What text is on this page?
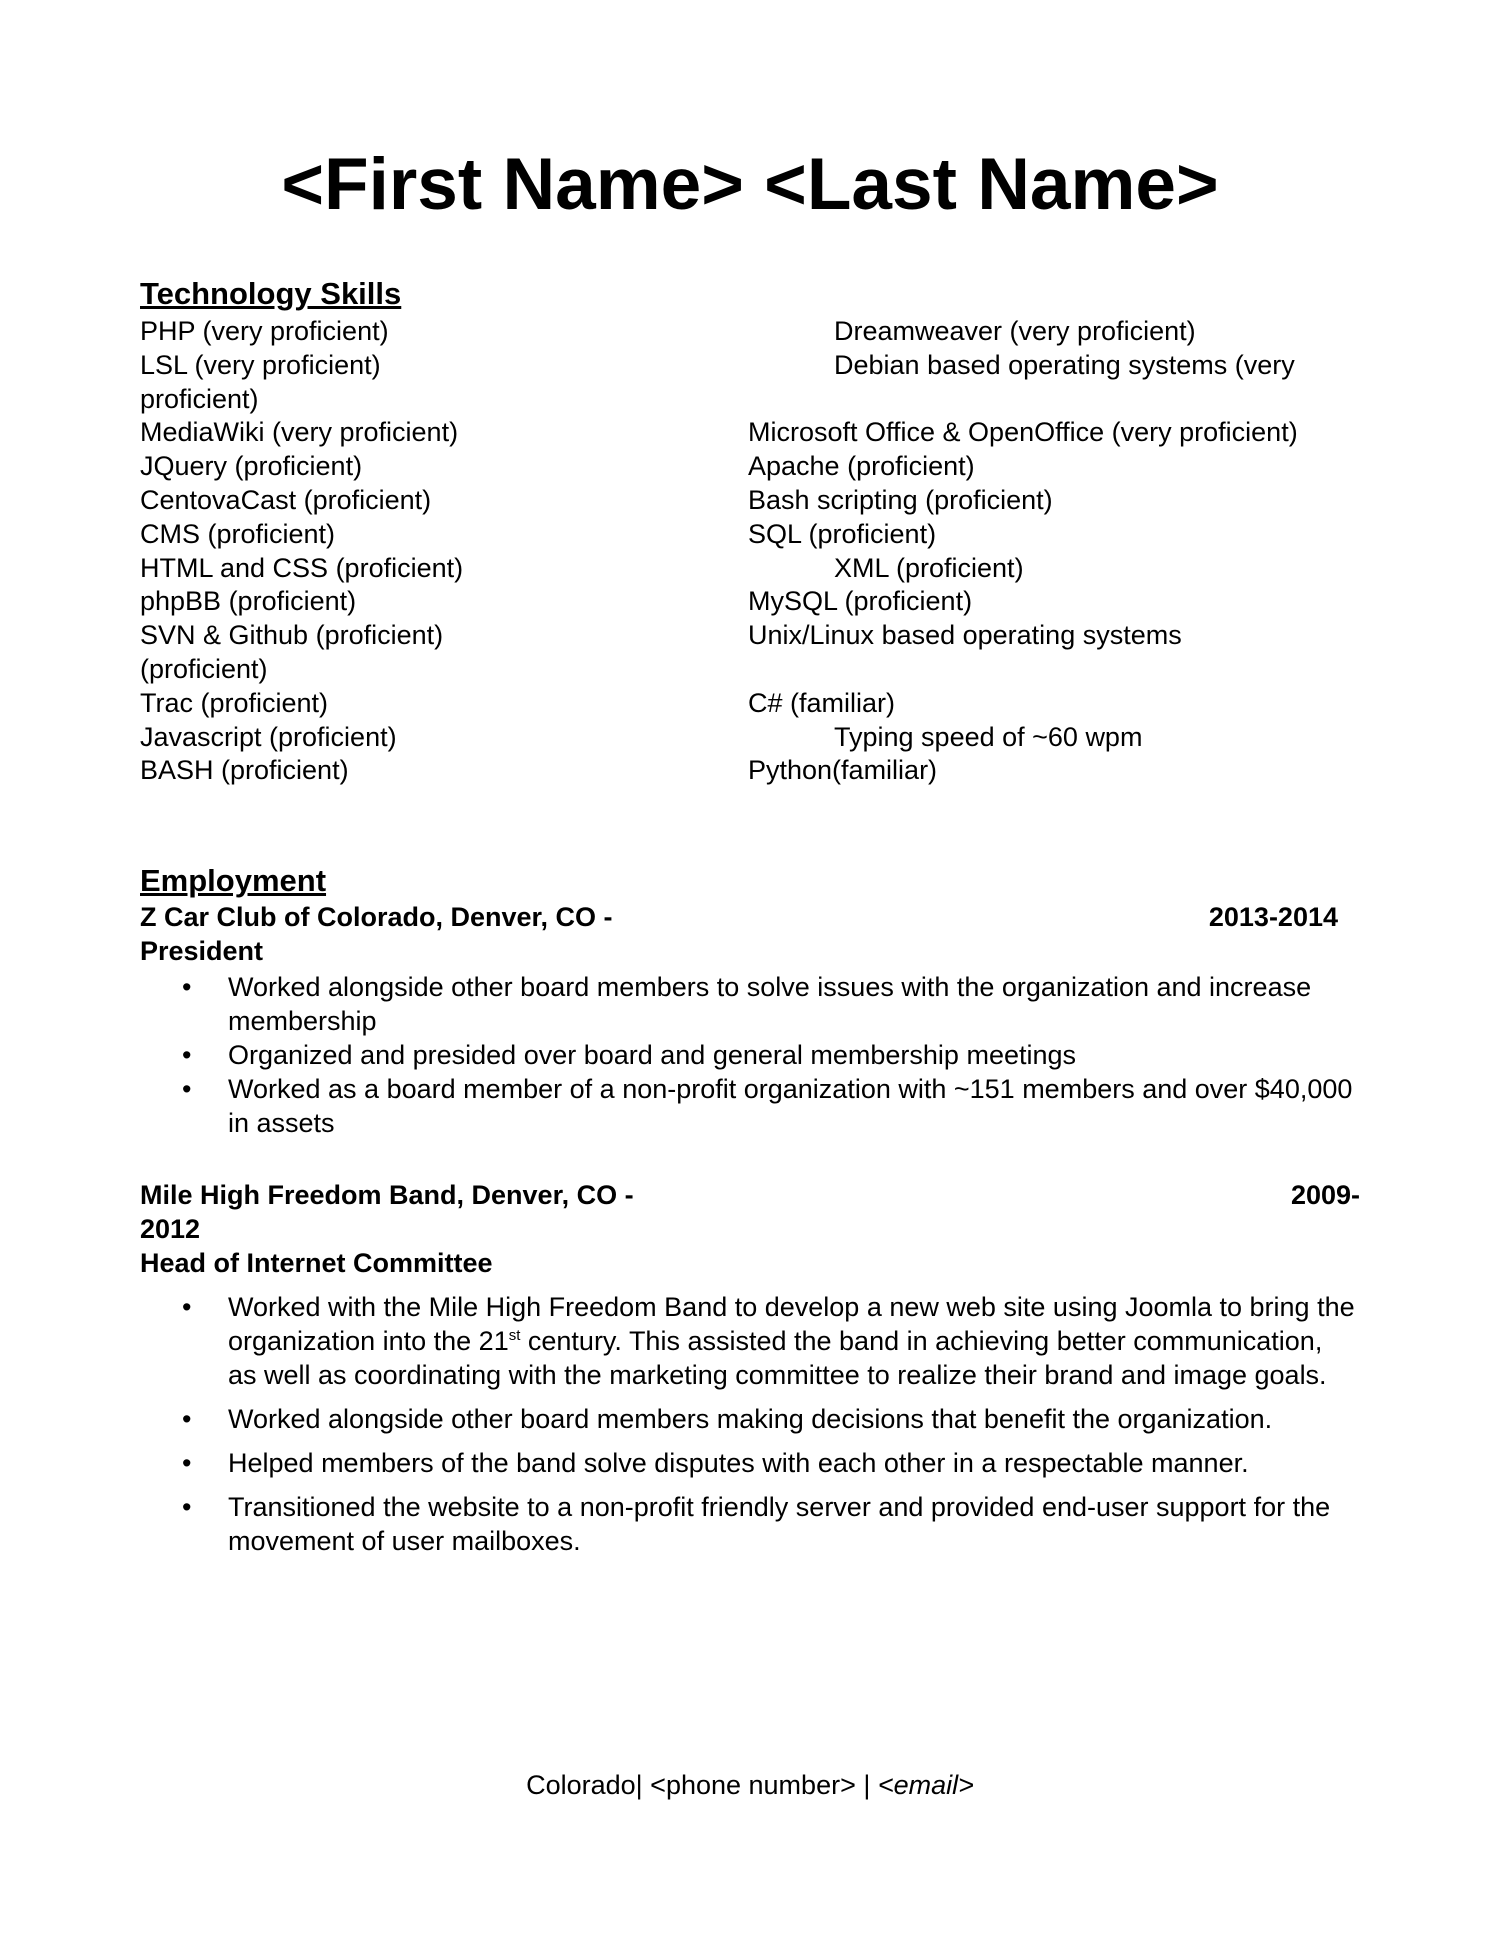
<First Name> <Last Name>
Technology Skills
PHP (very proficient)	Dreamweaver (very proficient)
LSL (very proficient)	Debian based operating systems (very
proficient)
MediaWiki (very proficient)	Microsoft Office & OpenOffice (very proficient)
JQuery (proficient)	Apache (proficient)
CentovaCast (proficient)	Bash scripting (proficient)
CMS (proficient)	SQL (proficient)
HTML and CSS (proficient)	XML (proficient)
phpBB (proficient)	MySQL (proficient)
SVN & Github (proficient)	Unix/Linux based operating systems
(proficient)
Trac (proficient)	C# (familiar)
Javascript (proficient)	Typing speed of ~60 wpm
BASH (proficient)	Python(familiar)
Employment
Z Car Club of Colorado, Denver, CO -	2013-2014
President
• Worked alongside other board members to solve issues with the organization and increase membership
• Organized and presided over board and general membership meetings
• Worked as a board member of a non-profit organization with ~151 members and over $40,000 in assets
Mile High Freedom Band, Denver, CO -	2009-
2012
Head of Internet Committee
• Worked with the Mile High Freedom Band to develop a new web site using Joomla to bring the organization into the 21st century. This assisted the band in achieving better communication, as well as coordinating with the marketing committee to realize their brand and image goals.
• Worked alongside other board members making decisions that benefit the organization.
• Helped members of the band solve disputes with each other in a respectable manner.
• Transitioned the website to a non-profit friendly server and provided end-user support for the movement of user mailboxes.
Colorado| <phone number> | <email>
